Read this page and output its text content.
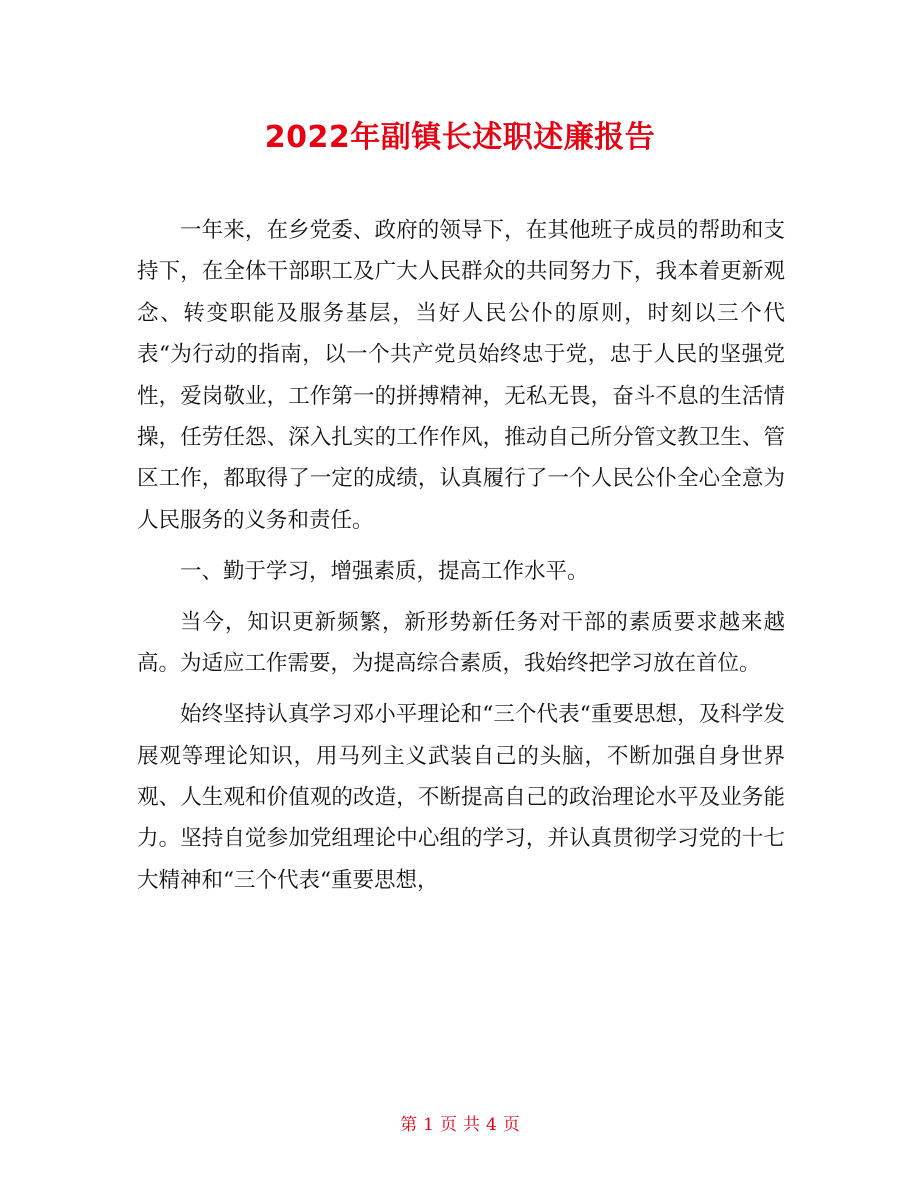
2022年副镇长述职述廉报告

一年来，在乡党委、政府的领导下，在其他班子成员的帮助和支持下，在全体干部职工及广大人民群众的共同努力下，我本着更新观念、转变职能及服务基层，当好人民公仆的原则，时刻以三个代表“为行动的指南，以一个共产党员始终忠于党，忠于人民的坚强党性，爱岗敬业，工作第一的拼搏精神，无私无畏，奋斗不息的生活情操，任劳任怨、深入扎实的工作作风，推动自己所分管文教卫生、管区工作，都取得了一定的成绩，认真履行了一个人民公仆全心全意为人民服务的义务和责任。

一、勤于学习，增强素质，提高工作水平。

当今，知识更新频繁，新形势新任务对干部的素质要求越来越高。为适应工作需要，为提高综合素质，我始终把学习放在首位。

始终坚持认真学习邓小平理论和“三个代表“重要思想，及科学发展观等理论知识，用马列主义武装自己的头脑，不断加强自身世界观、人生观和价值观的改造，不断提高自己的政治理论水平及业务能力。坚持自觉参加党组理论中心组的学习，并认真贯彻学习党的十七大精神和“三个代表“重要思想，

第 1 页 共 4 页
